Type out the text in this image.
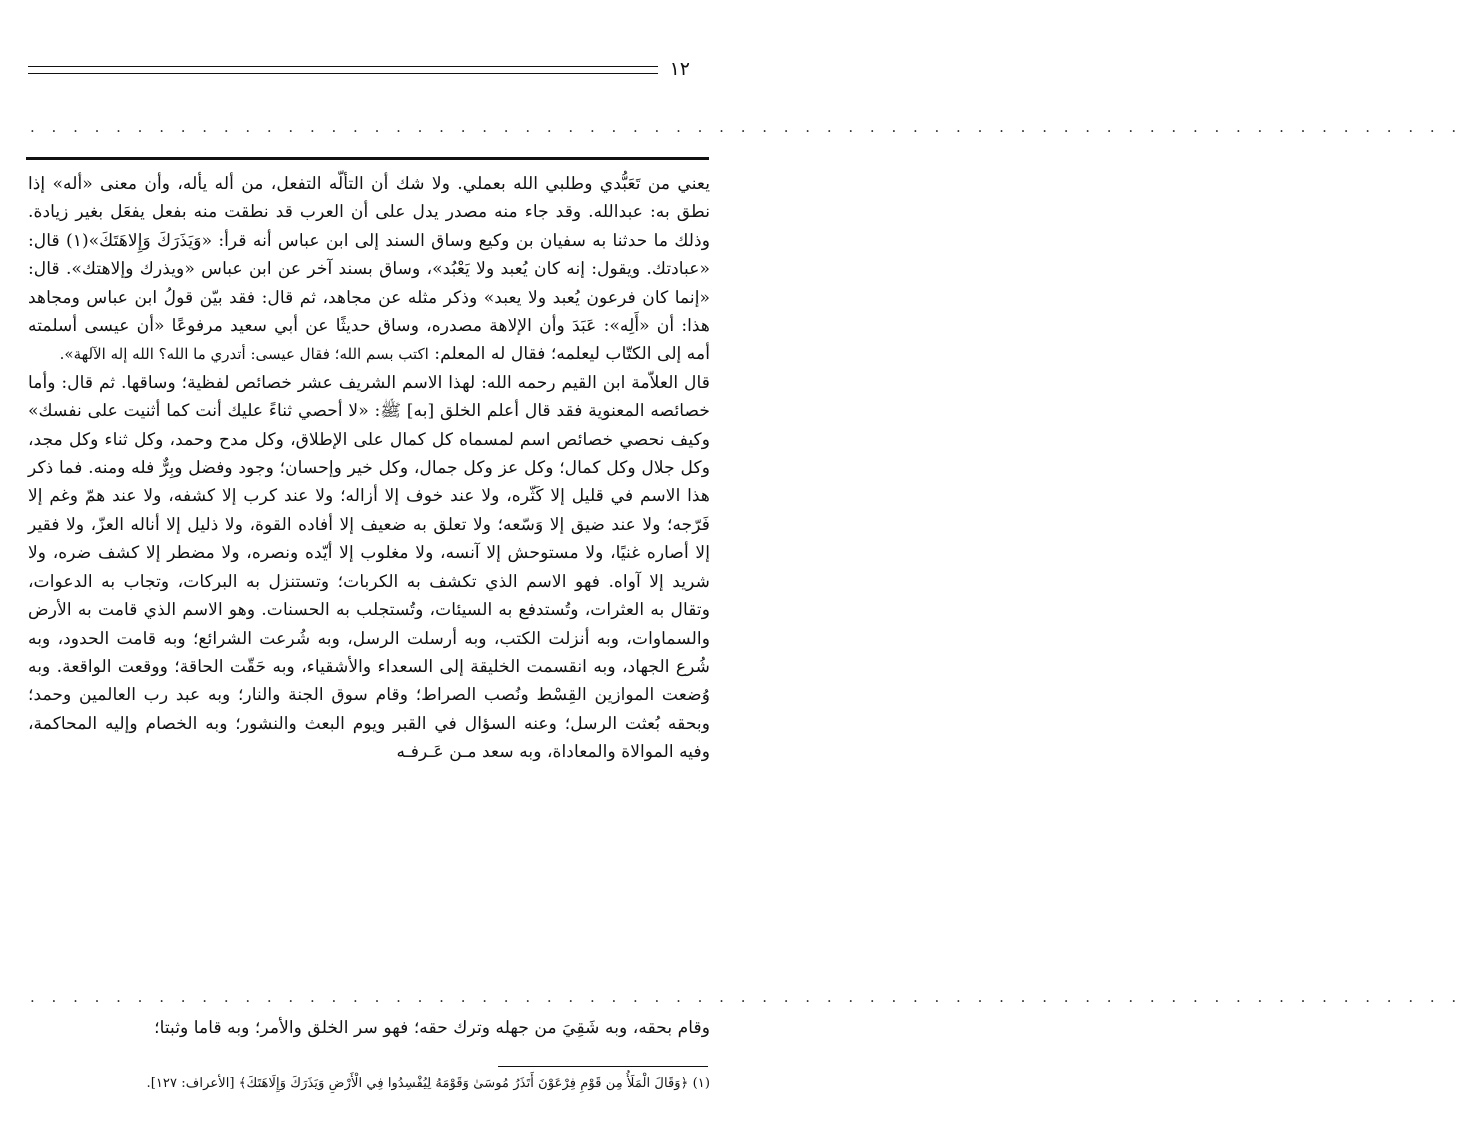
١٢
. . . . . . . . . . . . . . . . . . . . . . . . . . . . . . . . . . . . . . . . . . . . . . . . . . . . . . . . . . . . . . . . . . .

يعني من تَعَبُّدي وطلبي الله بعملي. ولا شك أن التألّه التفعل، من أله يأله، وأن معنى «أله» إذا نطق به: عبدالله. وقد جاء منه مصدر يدل على أن العرب قد نطقت منه بفعل يفعَل بغير زيادة. وذلك ما حدثنا به سفيان بن وكيع وساق السند إلى ابن عباس أنه قرأ: «وَيَذَرَكَ وَإِلاهَتَكَ»(١) قال: «عبادتك. ويقول: إنه كان يُعبد ولا يَعْبُد»، وساق بسند آخر عن ابن عباس «ويذرك وإلاهتك». قال: «إنما كان فرعون يُعبد ولا يعبد» وذكر مثله عن مجاهد، ثم قال: فقد بيّن قولُ ابن عباس ومجاهد هذا: أن «أَلِه»: عَبَدَ وأن الإلاهة مصدره، وساق حديثًا عن أبي سعيد مرفوعًا «أن عيسى أسلمته أمه إلى الكتّاب ليعلمه؛ فقال له المعلم: اكتب بسم الله؛ فقال عيسى: أتدري ما الله؟ الله إله الآلهة».

قال العلاّمة ابن القيم رحمه الله: لهذا الاسم الشريف عشر خصائص لفظية؛ وساقها. ثم قال: وأما خصائصه المعنوية فقد قال أعلم الخلق [به] ﷺ: «لا أحصي ثناءً عليك أنت كما أثنيت على نفسك» وكيف نحصي خصائص اسم لمسماه كل كمال على الإطلاق، وكل مدح وحمد، وكل ثناء وكل مجد، وكل جلال وكل كمال؛ وكل عز وكل جمال، وكل خير وإحسان؛ وجود وفضل وبِرٌّ فله ومنه. فما ذكر هذا الاسم في قليل إلا كَثّره، ولا عند خوف إلا أزاله؛ ولا عند كرب إلا كشفه، ولا عند همّ وغم إلا فَرّجه؛ ولا عند ضيق إلا وَسّعه؛ ولا تعلق به ضعيف إلا أفاده القوة، ولا ذليل إلا أناله العزّ، ولا فقير إلا أصاره غنيًا، ولا مستوحش إلا آنسه، ولا مغلوب إلا أيّده ونصره، ولا مضطر إلا كشف ضره، ولا شريد إلا آواه. فهو الاسم الذي تكشف به الكربات؛ وتستنزل به البركات، وتجاب به الدعوات، وتقال به العثرات، وتُستدفع به السيئات، وتُستجلب به الحسنات. وهو الاسم الذي قامت به الأرض والسماوات، وبه أنزلت الكتب، وبه أرسلت الرسل، وبه شُرعت الشرائع؛ وبه قامت الحدود، وبه شُرع الجهاد، وبه انقسمت الخليقة إلى السعداء والأشقياء، وبه حَقّت الحاقة؛ ووقعت الواقعة. وبه وُضعت الموازين القِسْط ونُصب الصراط؛ وقام سوق الجنة والنار؛ وبه عبد رب العالمين وحمد؛ وبحقه بُعثت الرسل؛ وعنه السؤال في القبر ويوم البعث والنشور؛ وبه الخصام وإليه المحاكمة، وفيه الموالاة والمعاداة، وبه سعد مـن عَـرفـه

. . . . . . . . . . . . . . . . . . . . . . . . . . . . . . . . . . . . . . . . . . . . . . . . . . . . . . . . . . . . . . . . . . .
وقام بحقه، وبه شَقِيَ من جهله وترك حقه؛ فهو سر الخلق والأمر؛ وبه قاما وثبتا؛
(١) ﴿وَقَالَ الْمَلَأُ مِن قَوْمِ فِرْعَوْنَ أَتَذَرُ مُوسَىٰ وَقَوْمَهُ لِيُفْسِدُوا فِي الْأَرْضِ وَيَذَرَكَ وَإِلَاهَتَكَ﴾ [الأعراف: ١٢٧].
